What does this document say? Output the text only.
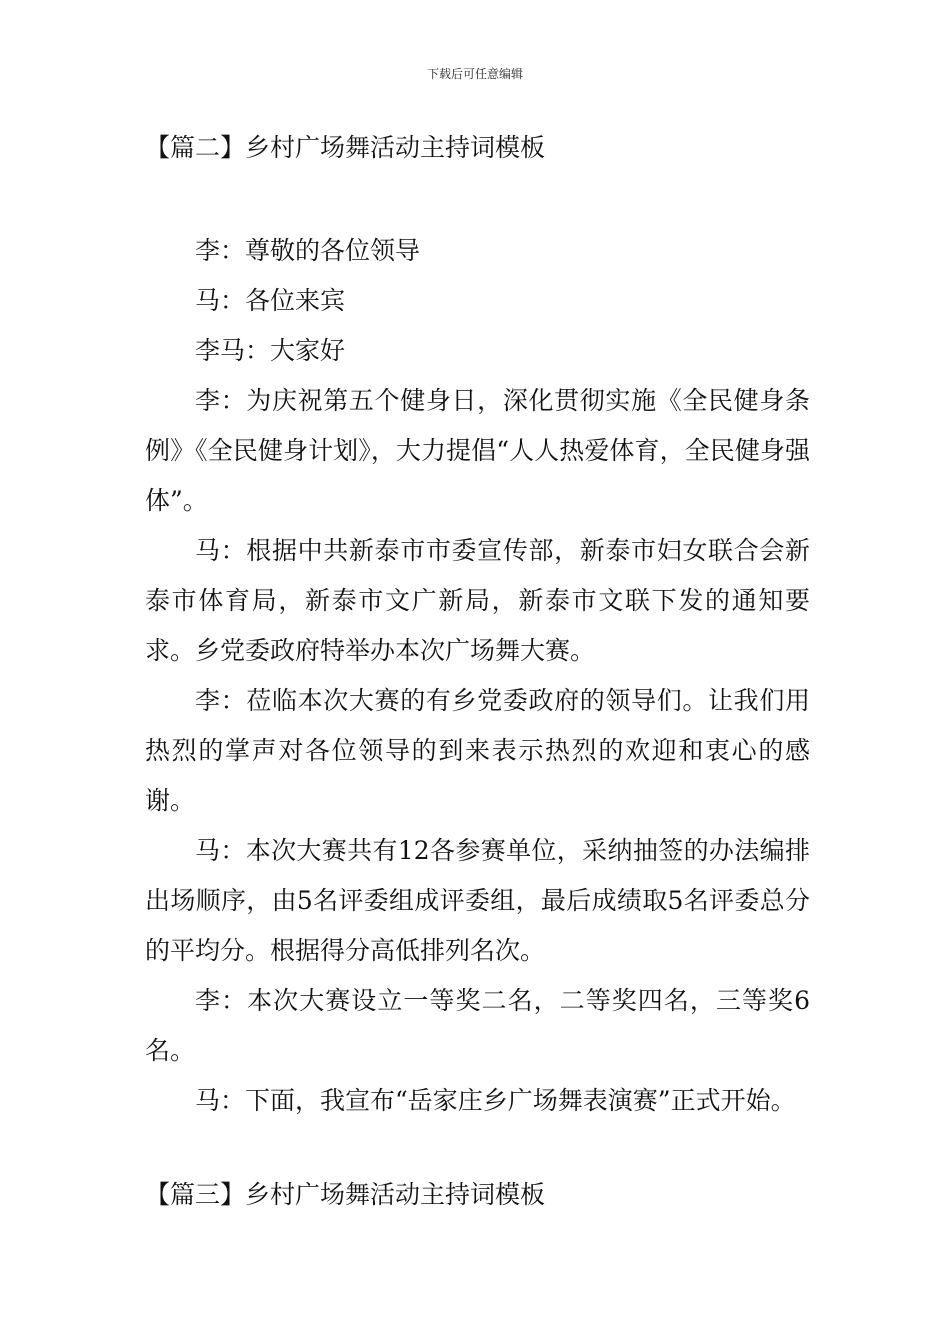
下载后可任意编辑
【篇二】乡村广场舞活动主持词模板

李：尊敬的各位领导

马：各位来宾

李马：大家好

李：为庆祝第五个健身日，深化贯彻实施《全民健身条例》《全民健身计划》，大力提倡“人人热爱体育，全民健身强体”。

马：根据中共新泰市市委宣传部，新泰市妇女联合会新泰市体育局，新泰市文广新局，新泰市文联下发的通知要求。乡党委政府特举办本次广场舞大赛。

李：莅临本次大赛的有乡党委政府的领导们。让我们用热烈的掌声对各位领导的到来表示热烈的欢迎和衷心的感谢。

马：本次大赛共有12各参赛单位，采纳抽签的办法编排出场顺序，由5名评委组成评委组，最后成绩取5名评委总分的平均分。根据得分高低排列名次。

李：本次大赛设立一等奖二名，二等奖四名，三等奖6名。

马：下面，我宣布“岳家庄乡广场舞表演赛”正式开始。

【篇三】乡村广场舞活动主持词模板
